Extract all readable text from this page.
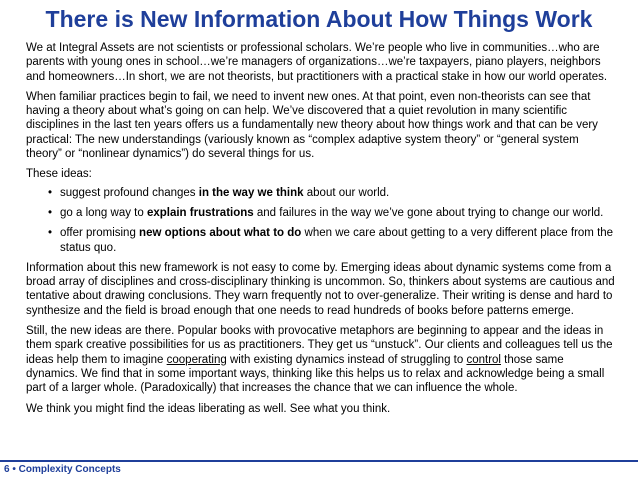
There is New Information About How Things Work

We at Integral Assets are not scientists or professional scholars. We’re people who live in communities…who are parents with young ones in school…we’re managers of organizations…we’re taxpayers, piano players, neighbors and homeowners…In short, we are not theorists, but practitioners with a practical stake in how our world operates.

When familiar practices begin to fail, we need to invent new ones. At that point, even non-theorists can see that having a theory about what’s going on can help. We’ve discovered that a quiet revolution in many scientific disciplines in the last ten years offers us a fundamentally new theory about how things work and that can be very practical: The new understandings (variously known as “complex adaptive system theory” or “general system theory” or “nonlinear dynamics”) do several things for us.

These ideas:

• suggest profound changes in the way we think about our world.
• go a long way to explain frustrations and failures in the way we’ve gone about trying to change our world.
• offer promising new options about what to do when we care about getting to a very different place from the status quo.

Information about this new framework is not easy to come by. Emerging ideas about dynamic systems come from a broad array of disciplines and cross-disciplinary thinking is uncommon. So, thinkers about systems are cautious and tentative about drawing conclusions. They warn frequently not to over-generalize. Their writing is dense and hard to synthesize and the field is broad enough that one needs to read hundreds of books before patterns emerge.

Still, the new ideas are there. Popular books with provocative metaphors are beginning to appear and the ideas in them spark creative possibilities for us as practitioners. They get us “unstuck”. Our clients and colleagues tell us the ideas help them to imagine cooperating with existing dynamics instead of struggling to control those same dynamics. We find that in some important ways, thinking like this helps us to relax and acknowledge being a small part of a larger whole. (Paradoxically) that increases the chance that we can influence the whole.

We think you might find the ideas liberating as well. See what you think.

6 • Complexity Concepts
